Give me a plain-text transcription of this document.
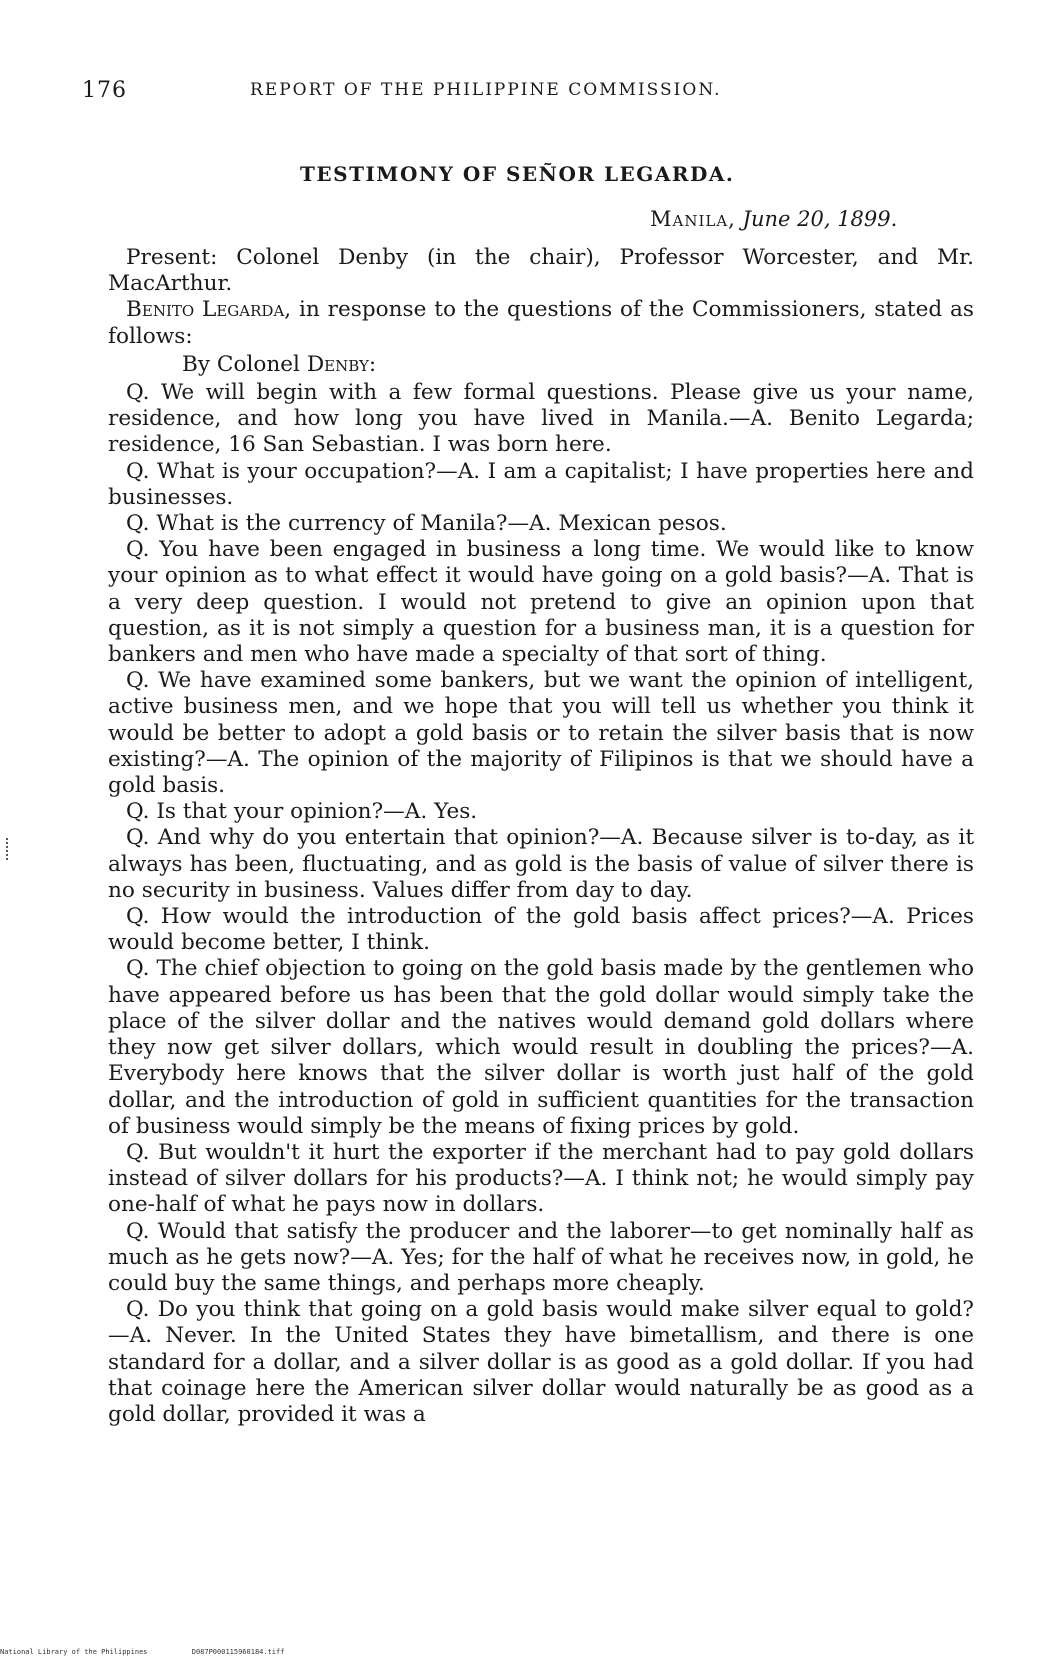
176	REPORT OF THE PHILIPPINE COMMISSION.
TESTIMONY OF SEÑOR LEGARDA.
Manila, June 20, 1899.

Present: Colonel Denby (in the chair), Professor Worcester, and Mr. MacArthur.

Benito Legarda, in response to the questions of the Commissioners, stated as follows:

By Colonel Denby:

Q. We will begin with a few formal questions. Please give us your name, residence, and how long you have lived in Manila.—A. Benito Legarda; residence, 16 San Sebastian. I was born here.

Q. What is your occupation?—A. I am a capitalist; I have properties here and businesses.

Q. What is the currency of Manila?—A. Mexican pesos.

Q. You have been engaged in business a long time. We would like to know your opinion as to what effect it would have going on a gold basis?—A. That is a very deep question. I would not pretend to give an opinion upon that question, as it is not simply a question for a business man, it is a question for bankers and men who have made a specialty of that sort of thing.

Q. We have examined some bankers, but we want the opinion of intelligent, active business men, and we hope that you will tell us whether you think it would be better to adopt a gold basis or to retain the silver basis that is now existing?—A. The opinion of the majority of Filipinos is that we should have a gold basis.

Q. Is that your opinion?—A. Yes.

Q. And why do you entertain that opinion?—A. Because silver is to-day, as it always has been, fluctuating, and as gold is the basis of value of silver there is no security in business. Values differ from day to day.

Q. How would the introduction of the gold basis affect prices?—A. Prices would become better, I think.

Q. The chief objection to going on the gold basis made by the gentlemen who have appeared before us has been that the gold dollar would simply take the place of the silver dollar and the natives would demand gold dollars where they now get silver dollars, which would result in doubling the prices?—A. Everybody here knows that the silver dollar is worth just half of the gold dollar, and the introduction of gold in sufficient quantities for the transaction of business would simply be the means of fixing prices by gold.

Q. But wouldn't it hurt the exporter if the merchant had to pay gold dollars instead of silver dollars for his products?—A. I think not; he would simply pay one-half of what he pays now in dollars.

Q. Would that satisfy the producer and the laborer—to get nominally half as much as he gets now?—A. Yes; for the half of what he receives now, in gold, he could buy the same things, and perhaps more cheaply.

Q. Do you think that going on a gold basis would make silver equal to gold?—A. Never. In the United States they have bimetallism, and there is one standard for a dollar, and a silver dollar is as good as a gold dollar. If you had that coinage here the American silver dollar would naturally be as good as a gold dollar, provided it was a

National Library of the Philippines	D087P000115960184.tiff
